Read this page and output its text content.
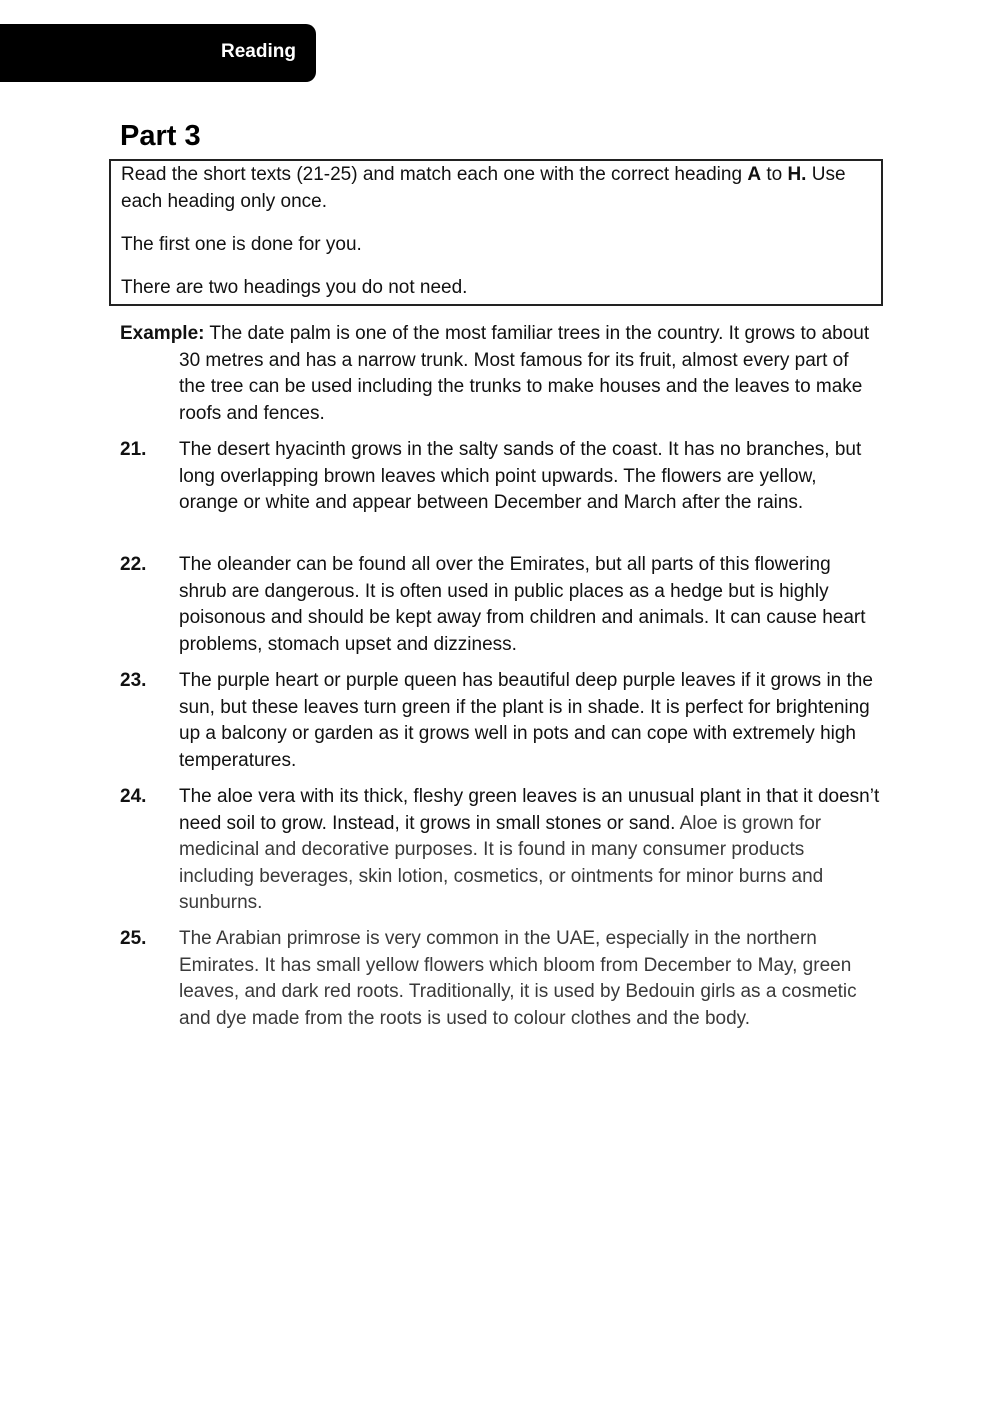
Reading
Part 3

Read the short texts (21-25) and match each one with the correct heading A to H. Use each heading only once.

The first one is done for you.

There are two headings you do not need.

Example: The date palm is one of the most familiar trees in the country. It grows to about 30 metres and has a narrow trunk. Most famous for its fruit, almost every part of the tree can be used including the trunks to make houses and the leaves to make roofs and fences.
21. The desert hyacinth grows in the salty sands of the coast. It has no branches, but long overlapping brown leaves which point upwards. The flowers are yellow, orange or white and appear between December and March after the rains.
22. The oleander can be found all over the Emirates, but all parts of this flowering shrub are dangerous. It is often used in public places as a hedge but is highly poisonous and should be kept away from children and animals. It can cause heart problems, stomach upset and dizziness.
23. The purple heart or purple queen has beautiful deep purple leaves if it grows in the sun, but these leaves turn green if the plant is in shade. It is perfect for brightening up a balcony or garden as it grows well in pots and can cope with extremely high temperatures.
24. The aloe vera with its thick, fleshy green leaves is an unusual plant in that it doesn’t need soil to grow. Instead, it grows in small stones or sand. Aloe is grown for medicinal and decorative purposes. It is found in many consumer products including beverages, skin lotion, cosmetics, or ointments for minor burns and sunburns.
25. The Arabian primrose is very common in the UAE, especially in the northern Emirates. It has small yellow flowers which bloom from December to May, green leaves, and dark red roots. Traditionally, it is used by Bedouin girls as a cosmetic and dye made from the roots is used to colour clothes and the body.
